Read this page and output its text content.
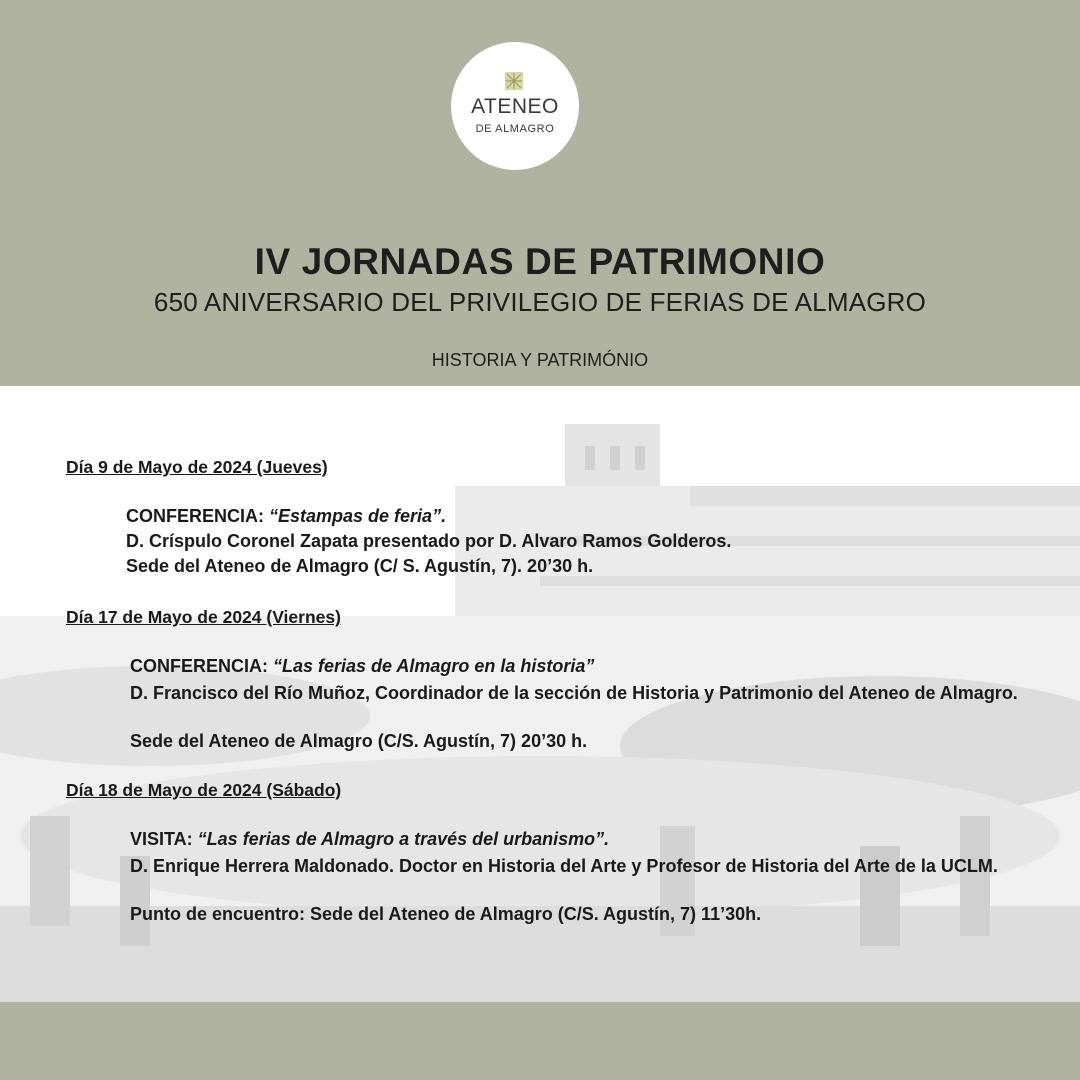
ATENEO
DE ALMAGRO
IV JORNADAS DE PATRIMONIO
650 ANIVERSARIO DEL PRIVILEGIO DE FERIAS DE ALMAGRO
HISTORIA Y PATRIMÓNIO
Día 9 de Mayo de 2024 (Jueves)
CONFERENCIA: “Estampas de feria”.
D. Críspulo Coronel Zapata presentado por D. Alvaro Ramos Golderos.
Sede del Ateneo de Almagro (C/ S. Agustín, 7). 20’30 h.
Día 17 de Mayo de 2024 (Viernes)
CONFERENCIA: “Las ferias de Almagro en la historia”
D. Francisco del Río Muñoz, Coordinador de la sección de Historia y Patrimonio del Ateneo de Almagro.
Sede del Ateneo de Almagro (C/S. Agustín, 7) 20’30 h.
Día 18 de Mayo de 2024 (Sábado)
VISITA: “Las ferias de Almagro a través del urbanismo”.
D. Enrique Herrera Maldonado. Doctor en Historia del Arte y Profesor de Historia del Arte de la UCLM.
Punto de encuentro: Sede del Ateneo de Almagro (C/S. Agustín, 7) 11’30h.
